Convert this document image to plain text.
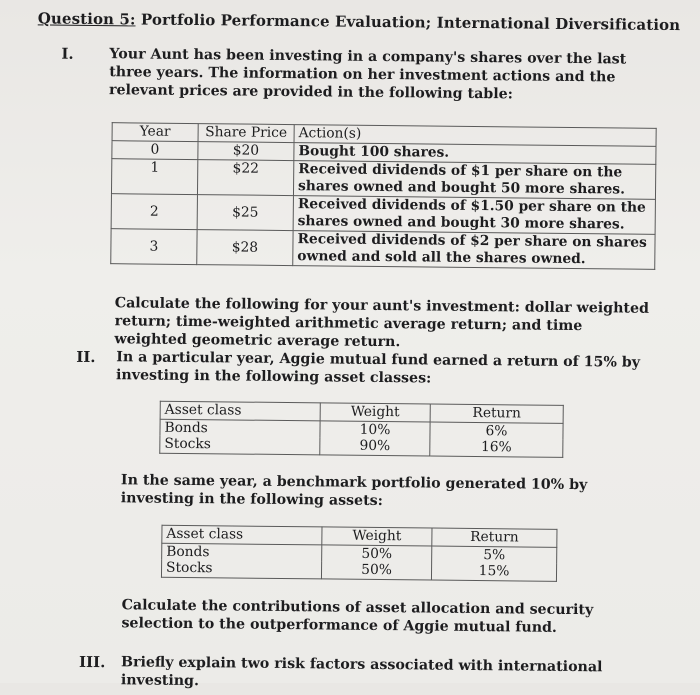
Question 5: Portfolio Performance Evaluation; International Diversification
I.	Your Aunt has been investing in a company's shares over the last three years. The information on her investment actions and the relevant prices are provided in the following table:
Year	Share Price	Action(s)
0	$20	Bought 100 shares.
1	$22	Received dividends of $1 per share on the shares owned and bought 50 more shares.
2	$25	Received dividends of $1.50 per share on the shares owned and bought 30 more shares.
3	$28	Received dividends of $2 per share on shares owned and sold all the shares owned.
Calculate the following for your aunt's investment: dollar weighted return; time-weighted arithmetic average return; and time weighted geometric average return.
II. In a particular year, Aggie mutual fund earned a return of 15% by investing in the following asset classes:
Asset class	Weight	Return
Bonds	10%	6%
Stocks	90%	16%
In the same year, a benchmark portfolio generated 10% by investing in the following assets:
Asset class	Weight	Return
Bonds	50%	5%
Stocks	50%	15%
Calculate the contributions of asset allocation and security selection to the outperformance of Aggie mutual fund.
III. Briefly explain two risk factors associated with international investing.
